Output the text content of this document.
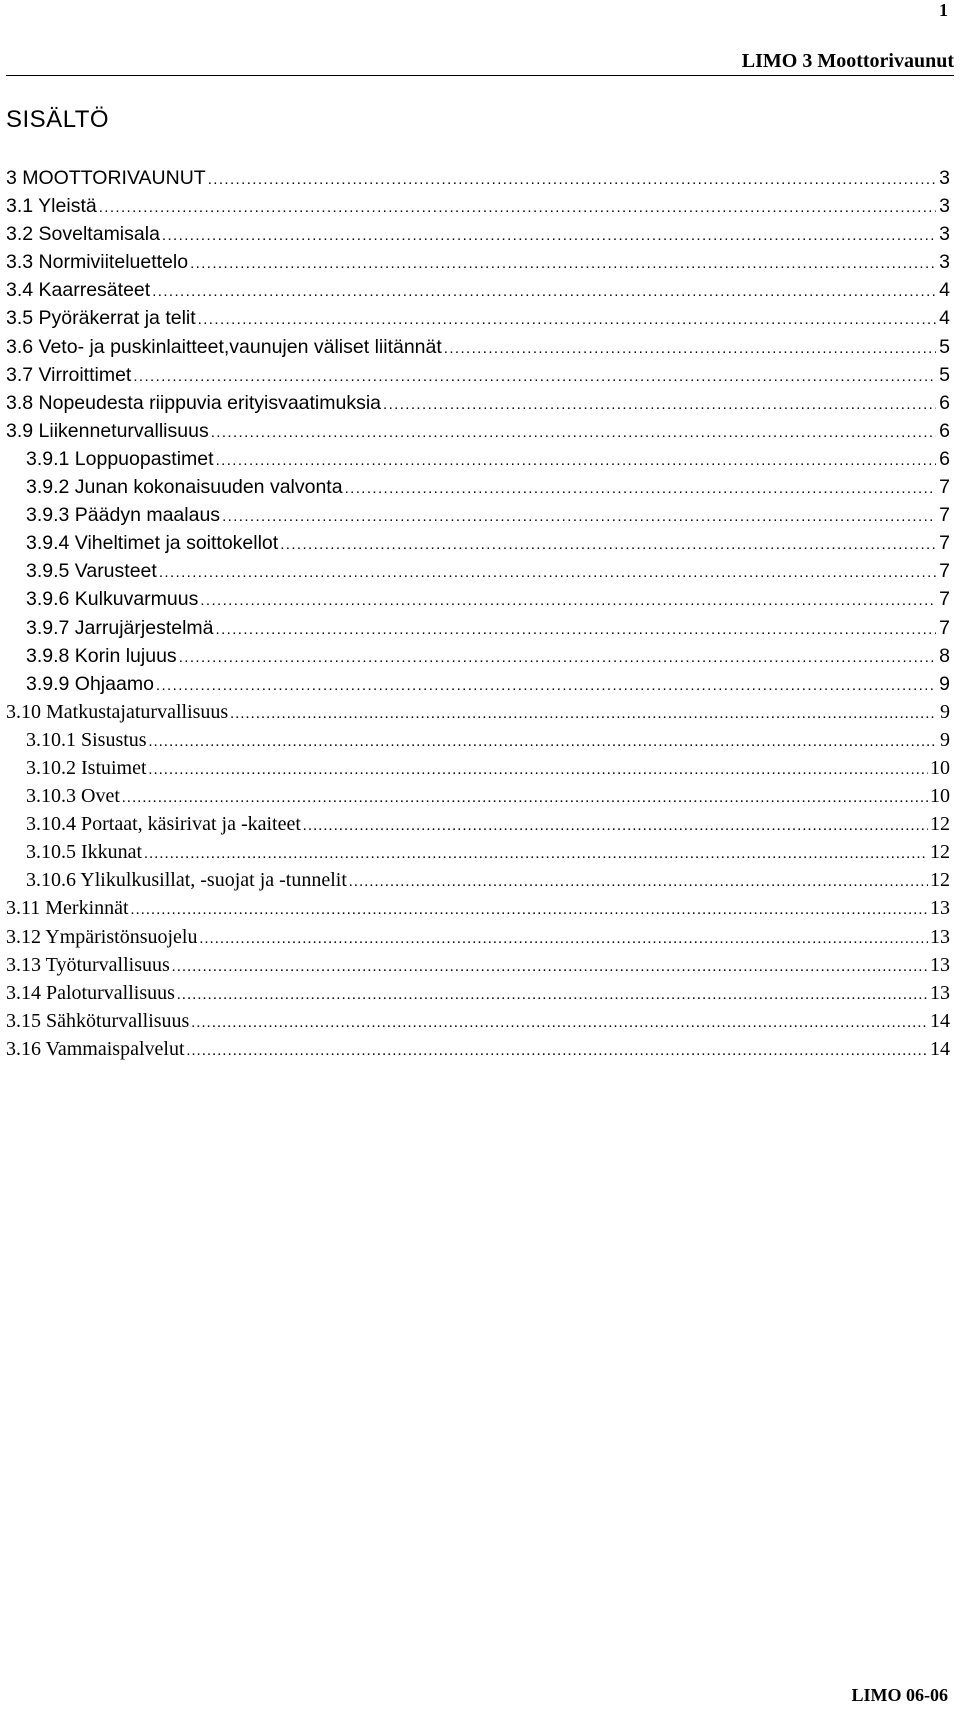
1
LIMO 3 Moottorivaunut
SISÄLTÖ
3 MOOTTORIVAUNUT .....	3
3.1 Yleistä .....	3
3.2 Soveltamisala .....	3
3.3 Normiviiteluettelo .....	3
3.4 Kaarresäteet .....	4
3.5 Pyöräkerrat ja telit .....	4
3.6 Veto- ja puskinlaitteet,vaunujen väliset liitännät .....	5
3.7 Virroittimet .....	5
3.8 Nopeudesta riippuvia erityisvaatimuksia .....	6
3.9 Liikenneturvallisuus .....	6
3.9.1 Loppuopastimet .....	6
3.9.2 Junan kokonaisuuden valvonta .....	7
3.9.3 Päädyn maalaus .....	7
3.9.4 Viheltimet ja soittokellot .....	7
3.9.5 Varusteet .....	7
3.9.6 Kulkuvarmuus .....	7
3.9.7 Jarrujärjestelmä .....	7
3.9.8 Korin lujuus .....	8
3.9.9 Ohjaamo .....	9
3.10 Matkustajaturvallisuus .....	9
3.10.1 Sisustus .....	9
3.10.2 Istuimet .....	10
3.10.3 Ovet .....	10
3.10.4 Portaat, käsirivat ja -kaiteet .....	12
3.10.5 Ikkunat .....	12
3.10.6 Ylikulkusillat, -suojat ja -tunnelit .....	12
3.11 Merkinnät .....	13
3.12 Ympäristönsuojelu .....	13
3.13 Työturvallisuus .....	13
3.14 Paloturvallisuus .....	13
3.15 Sähköturvallisuus .....	14
3.16 Vammaispalvelut .....	14
LIMO 06-06
